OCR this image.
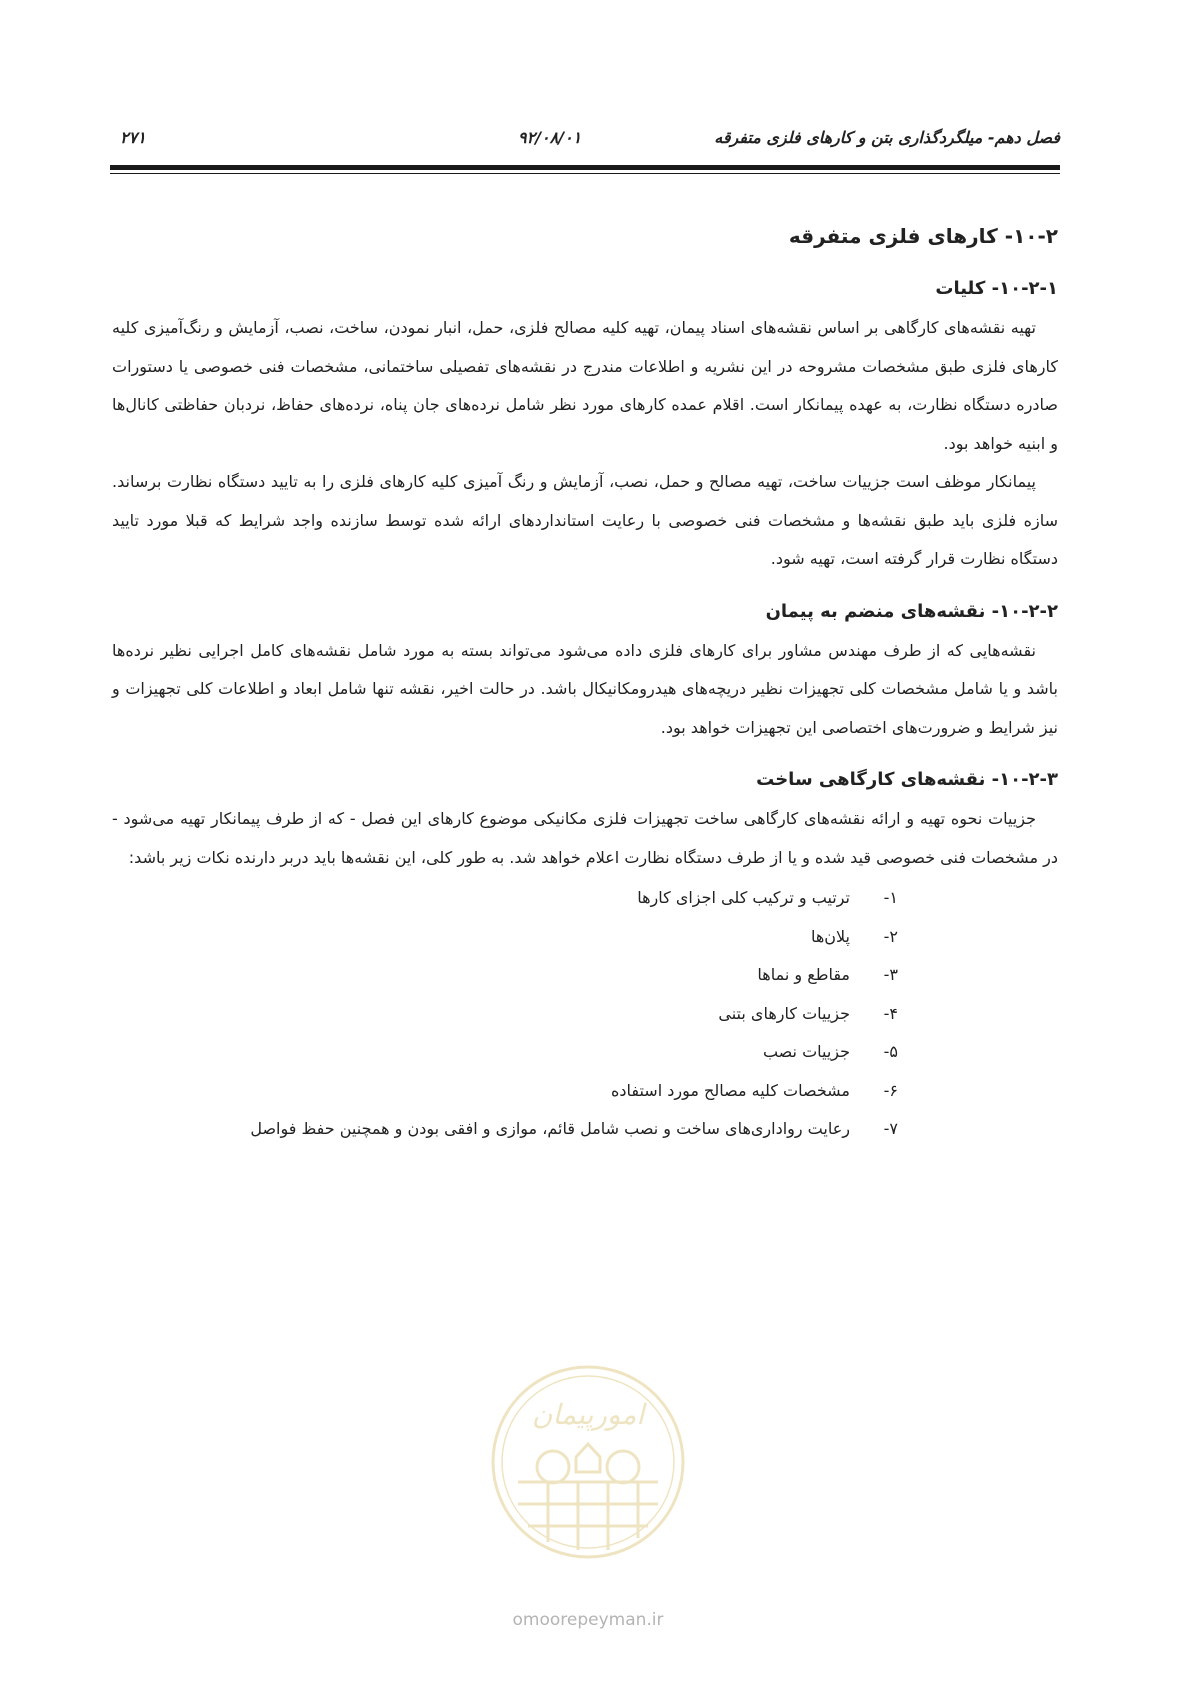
فصل دهم- میلگردگذاری بتن و کارهای فلزی متفرقه
۹۲/۰۸/۰۱
۲۷۱
۱۰-۲- کارهای فلزی متفرقه
۱۰-۲-۱- کلیات

تهیه نقشه‌های کارگاهی بر اساس نقشه‌های اسناد پیمان، تهیه کلیه مصالح فلزی، حمل، انبار نمودن، ساخت، نصب، آزمایش و رنگ‌آمیزی کلیه کارهای فلزی طبق مشخصات مشروحه در این نشریه و اطلاعات مندرج در نقشه‌های تفصیلی ساختمانی، مشخصات فنی خصوصی یا دستورات صادره دستگاه نظارت، به عهده پیمانکار است. اقلام عمده کارهای مورد نظر شامل نرده‌های جان پناه، نرده‌های حفاظ، نردبان حفاظتی کانال‌ها و ابنیه خواهد بود.

پیمانکار موظف است جزییات ساخت، تهیه مصالح و حمل، نصب، آزمایش و رنگ آمیزی کلیه کارهای فلزی را به تایید دستگاه نظارت برساند. سازه فلزی باید طبق نقشه‌ها و مشخصات فنی خصوصی با رعایت استانداردهای ارائه شده توسط سازنده واجد شرایط که قبلا مورد تایید دستگاه نظارت قرار گرفته است، تهیه شود.

۱۰-۲-۲- نقشه‌های منضم به پیمان

نقشه‌هایی که از طرف مهندس مشاور برای کارهای فلزی داده می‌شود می‌تواند بسته به مورد شامل نقشه‌های کامل اجرایی نظیر نرده‌ها باشد و یا شامل مشخصات کلی تجهیزات نظیر دریچه‌های هیدرومکانیکال باشد. در حالت اخیر، نقشه تنها شامل ابعاد و اطلاعات کلی تجهیزات و نیز شرایط و ضرورت‌های اختصاصی این تجهیزات خواهد بود.

۱۰-۲-۳- نقشه‌های کارگاهی ساخت

جزییات نحوه تهیه و ارائه نقشه‌های کارگاهی ساخت تجهیزات فلزی مکانیکی موضوع کارهای این فصل - که از طرف پیمانکار تهیه می‌شود - در مشخصات فنی خصوصی قید شده و یا از طرف دستگاه نظارت اعلام خواهد شد. به طور کلی، این نقشه‌ها باید دربر دارنده نکات زیر باشد:

۱-
ترتیب و ترکیب کلی اجزای کارها
۲-
پلان‌ها
۳-
مقاطع و نماها
۴-
جزییات کارهای بتنی
۵-
جزییات نصب
۶-
مشخصات کلیه مصالح مورد استفاده
۷-
رعایت رواداری‌های ساخت و نصب شامل قائم، موازی و افقی بودن و همچنین حفظ فواصل
امورپیمان
omoorepeyman.ir
